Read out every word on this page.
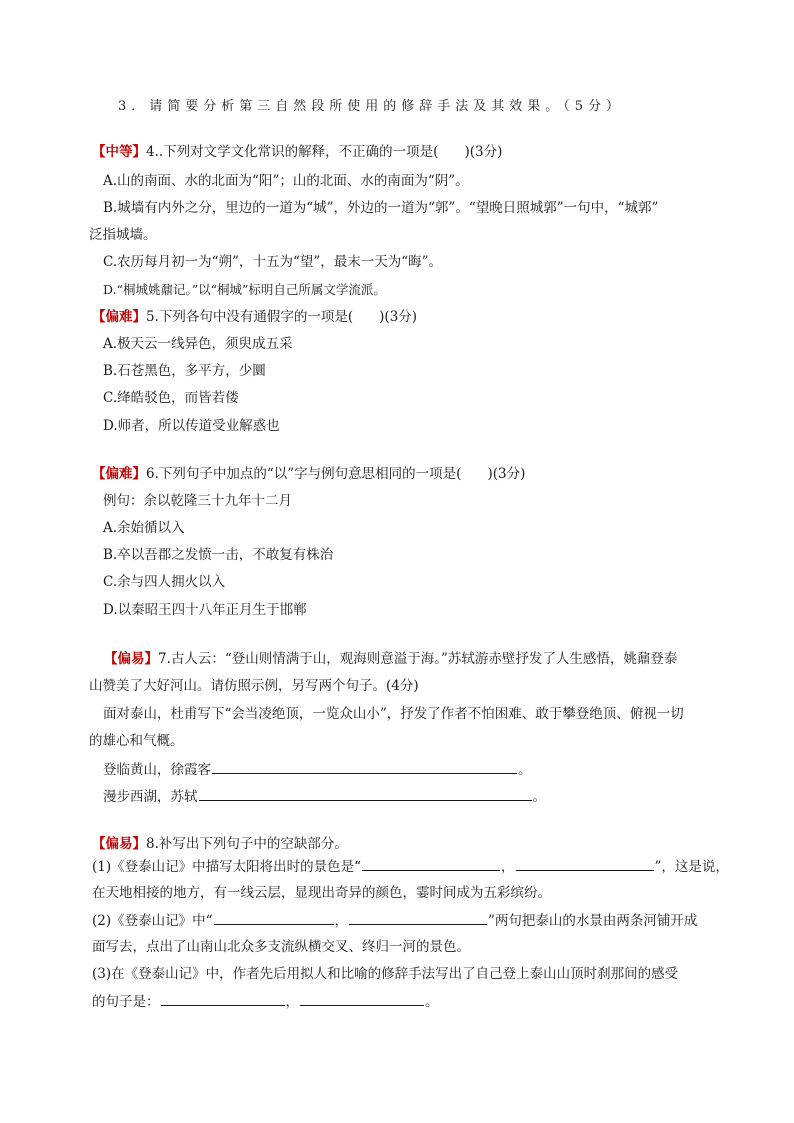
3．请简要分析第三自然段所使用的修辞手法及其效果。（5分）
【中等】4..下列对文学文化常识的解释，不正确的一项是( )(3分)
A.山的南面、水的北面为“阳”；山的北面、水的南面为“阴”。
B.城墙有内外之分，里边的一道为“城”，外边的一道为“郭”。“望晚日照城郭”一句中，“城郭”
泛指城墙。
C.农历每月初一为“朔”，十五为“望”，最末一天为“晦”。
D.“桐城姚鼐记。”以“桐城”标明自己所属文学流派。
【偏难】5.下列各句中没有通假字的一项是( )(3分)
A.极天云一线异色，须臾成五采
B.石苍黑色，多平方，少圜
C.绛皓驳色，而皆若偻
D.师者，所以传道受业解惑也
【偏难】6.下列句子中加点的“以”字与例句意思相同的一项是( )(3分)
例句：余以乾隆三十九年十二月
A.余始循以入
B.卒以吾郡之发愤一击，不敢复有株治
C.余与四人拥火以入
D.以秦昭王四十八年正月生于邯郸
【偏易】7.古人云：“登山则情满于山，观海则意溢于海。”苏轼游赤壁抒发了人生感悟，姚鼐登泰
山赞美了大好河山。请仿照示例，另写两个句子。(4分)
面对泰山，杜甫写下“会当凌绝顶，一览众山小”，抒发了作者不怕困难、敢于攀登绝顶、俯视一切
的雄心和气概。
登临黄山，徐霞客	。
漫步西湖，苏轼	。
【偏易】8.补写出下列句子中的空缺部分。
(1)《登泰山记》中描写太阳将出时的景色是“	，	”，这是说，
在天地相接的地方，有一线云层，显现出奇异的颜色，霎时间成为五彩缤纷。
(2)《登泰山记》中“	，	”两句把泰山的水景由两条河铺开成
面写去，点出了山南山北众多支流纵横交叉、终归一河的景色。
(3)在《登泰山记》中，作者先后用拟人和比喻的修辞手法写出了自己登上泰山山顶时刹那间的感受
的句子是：	，	。
